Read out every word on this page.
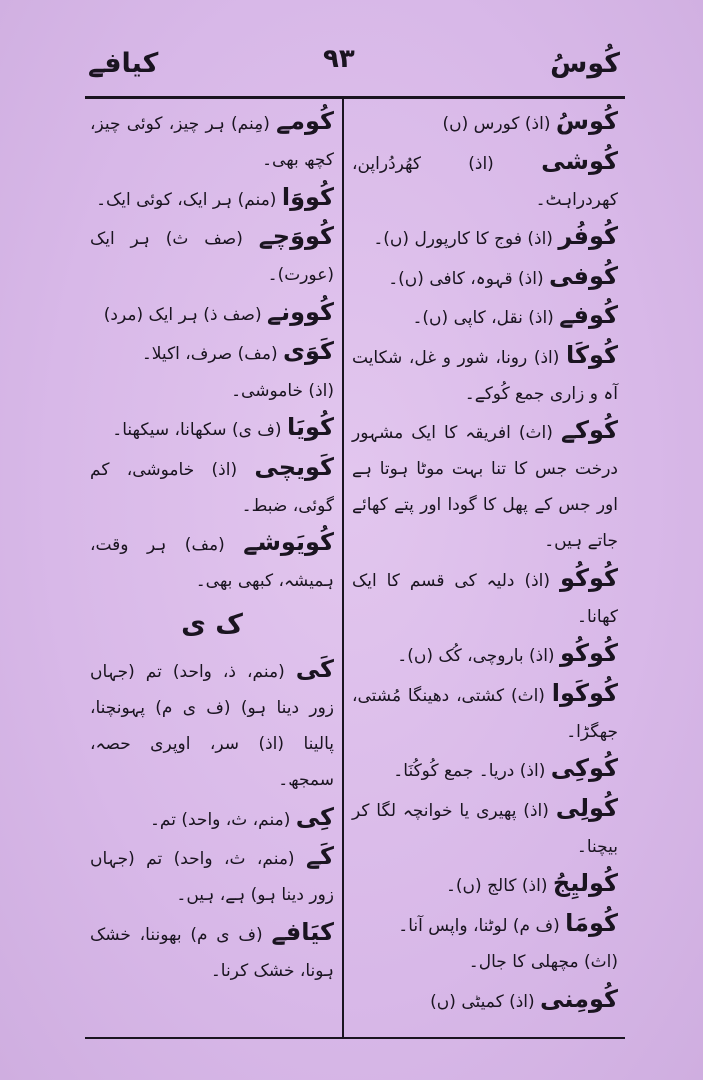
کیافے	۹۳	کُوسُ
کُوسُ (اذ) کورس (ں)
کُوشی (اذ) کھُردُراپن، کھردراہٹ۔
کُوفُر (اذ) فوج کا کارپورل (ں)۔
کُوفی (اذ) قہوہ، کافی (ں)۔
کُوفے (اذ) نقل، کاپی (ں)۔
کُوکَا (اذ) رونا، شور و غل، شکایت آہ و زاری جمع کُوکے۔
کُوکے (اث) افریقہ کا ایک مشہور درخت جس کا تنا بہت موٹا ہوتا ہے اور جس کے پھل کا گودا اور پتے کھائے جاتے ہیں۔
کُوکُو (اذ) دلیہ کی قسم کا ایک کھانا۔
کُوکُو (اذ) باروچی، کُک (ں)۔
کُوکَوا (اث) کشتی، دھینگا مُشتی، جھگڑا۔
کُوکِی (اذ) دریا۔ جمع کُوکُنَا۔
کُولِی (اذ) پھیری یا خوانچہ لگا کر بیچنا۔
کُولیِجُ (اذ) کالج (ں)۔
کُومَا (ف م) لوٹنا، واپس آنا۔
(اث) مچھلی کا جال۔
کُومِنی (اذ) کمیٹی (ں)
کُومے (مِنم) ہر چیز، کوئی چیز، کچھ بھی۔
کُووَا (منم) ہر ایک، کوئی ایک۔
کُووَچے (صف ث) ہر ایک (عورت)۔
کُوونے (صف ذ) ہر ایک (مرد)
کَوَی (مف) صرف، اکیلا۔
(اذ) خاموشی۔
کُویَا (ف ی) سکھانا، سیکھنا۔
کَویچی (اذ) خاموشی، کم گوئی، ضبط۔
کُویَوشے (مف) ہر وقت، ہمیشہ، کبھی بھی۔
ک ی
کَی (منم، ذ، واحد) تم (جہاں زور دینا ہو) (ف ی م) پہونچنا، پالینا (اذ) سر، اوپری حصہ، سمجھ۔
کِی (منم، ث، واحد) تم۔
کَے (منم، ث، واحد) تم (جہاں زور دینا ہو) ہے، ہیں۔
کیَافے (ف ی م) بھوننا، خشک ہونا، خشک کرنا۔
